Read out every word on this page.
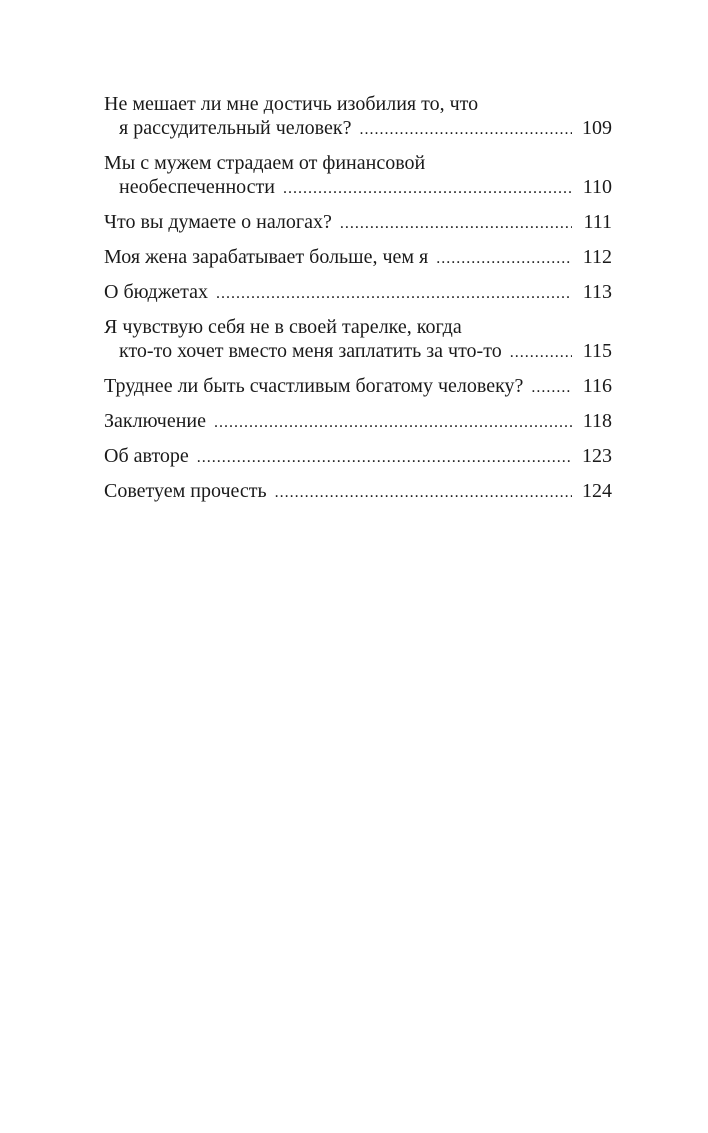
Не мешает ли мне достичь изобилия то, что
я рассудительный человек? .....	109
Мы с мужем страдаем от финансовой
необеспеченности .....	110
Что вы думаете о налогах? .....	111
Моя жена зарабатывает больше, чем я .....	112
О бюджетах .....	113
Я чувствую себя не в своей тарелке, когда
кто-то хочет вместо меня заплатить за что-то .....	115
Труднее ли быть счастливым богатому человеку? .....	116
Заключение .....	118
Об авторе .....	123
Советуем прочесть .....	124
